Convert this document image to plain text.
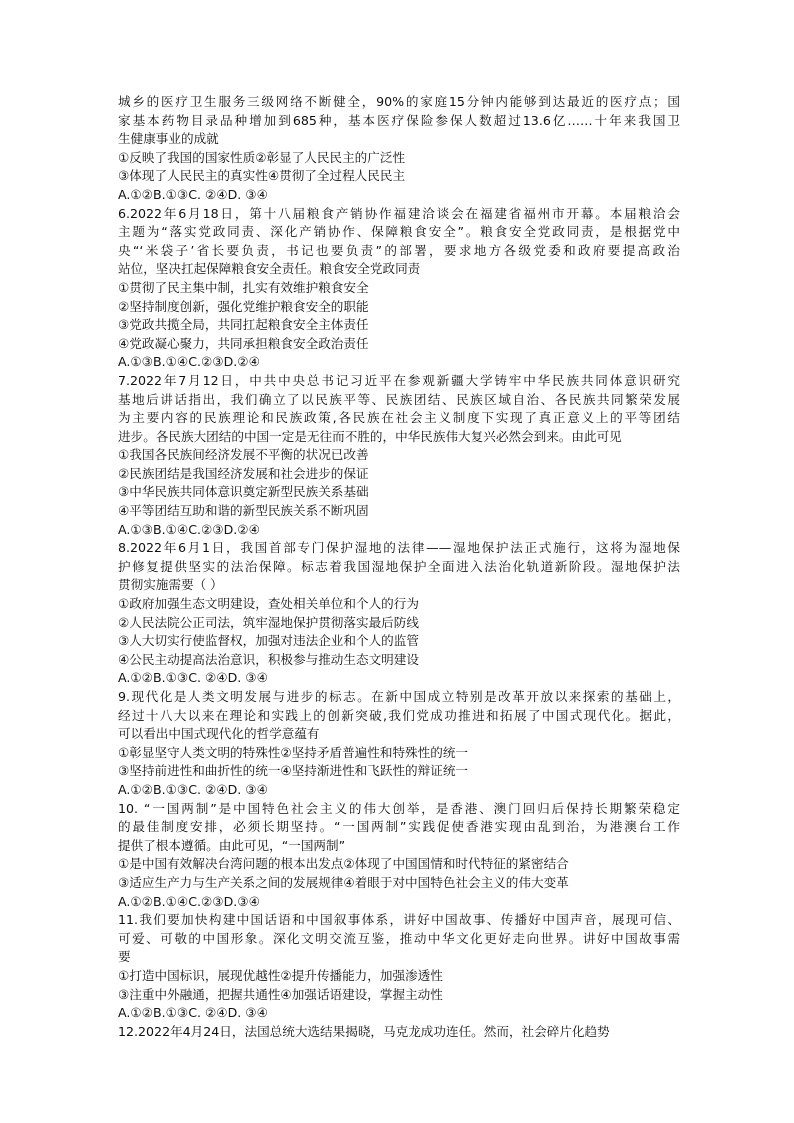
城乡的医疗卫生服务三级网络不断健全，90%的家庭15分钟内能够到达最近的医疗点；国

家基本药物目录品种增加到685种，基本医疗保险参保人数超过13.6亿……十年来我国卫

生健康事业的成就

①反映了我国的国家性质②彰显了人民民主的广泛性

③体现了人民民主的真实性④贯彻了全过程人民民主

A.①②B.①③C. ②④D. ③④

6.2022年6月18日，第十八届粮食产销协作福建洽谈会在福建省福州市开幕。本届粮洽会

主题为“落实党政同责、深化产销协作、保障粮食安全”。粮食安全党政同责，是根据党中

央“‘米袋子’省长要负责，书记也要负责”的部署，要求地方各级党委和政府要提高政治

站位，坚决扛起保障粮食安全责任。粮食安全党政同责

①贯彻了民主集中制，扎实有效维护粮食安全

②坚持制度创新，强化党维护粮食安全的职能

③党政共揽全局，共同扛起粮食安全主体责任

④党政凝心聚力，共同承担粮食安全政治责任

A.①③B.①④C.②③D.②④

7.2022年7月12日，中共中央总书记习近平在参观新疆大学铸牢中华民族共同体意识研究

基地后讲话指出，我们确立了以民族平等、民族团结、民族区域自治、各民族共同繁荣发展

为主要内容的民族理论和民族政策,各民族在社会主义制度下实现了真正意义上的平等团结

进步。各民族大团结的中国一定是无往而不胜的，中华民族伟大复兴必然会到来。由此可见

①我国各民族间经济发展不平衡的状况已改善

②民族团结是我国经济发展和社会进步的保证

③中华民族共同体意识奠定新型民族关系基础

④平等团结互助和谐的新型民族关系不断巩固

A.①③B.①④C.②③D.②④

8.2022年6月1日，我国首部专门保护湿地的法律——湿地保护法正式施行，这将为湿地保

护修复提供坚实的法治保障。标志着我国湿地保护全面进入法治化轨道新阶段。湿地保护法

贯彻实施需要（ ）

①政府加强生态文明建设，查处相关单位和个人的行为

②人民法院公正司法，筑牢湿地保护贯彻落实最后防线

③人大切实行使监督权，加强对违法企业和个人的监管

④公民主动提高法治意识，积极参与推动生态文明建设

A.①②B.①③C. ②④D. ③④

9.现代化是人类文明发展与进步的标志。在新中国成立特别是改革开放以来探索的基础上，

经过十八大以来在理论和实践上的创新突破,我们党成功推进和拓展了中国式现代化。据此，

可以看出中国式现代化的哲学意蕴有

①彰显坚守人类文明的特殊性②坚持矛盾普遍性和特殊性的统一

③坚持前进性和曲折性的统一④坚持渐进性和飞跃性的辩证统一

A.①②B.①③C. ②④D. ③④

10. “一国两制”是中国特色社会主义的伟大创举，是香港、澳门回归后保持长期繁荣稳定

的最佳制度安排，必须长期坚持。“一国两制”实践促使香港实现由乱到治，为港澳台工作

提供了根本遵循。由此可见，“一国两制”

①是中国有效解决台湾问题的根本出发点②体现了中国国情和时代特征的紧密结合

③适应生产力与生产关系之间的发展规律④着眼于对中国特色社会主义的伟大变革

A.①②B.①④C.②③D.③④

11.我们要加快构建中国话语和中国叙事体系，讲好中国故事、传播好中国声音，展现可信、

可爱、可敬的中国形象。深化文明交流互鉴，推动中华文化更好走向世界。讲好中国故事需

要

①打造中国标识，展现优越性②提升传播能力，加强渗透性

③注重中外融通，把握共通性④加强话语建设，掌握主动性

A.①②B.①③C. ②④D. ③④

12.2022年4月24日，法国总统大选结果揭晓，马克龙成功连任。然而，社会碎片化趋势
